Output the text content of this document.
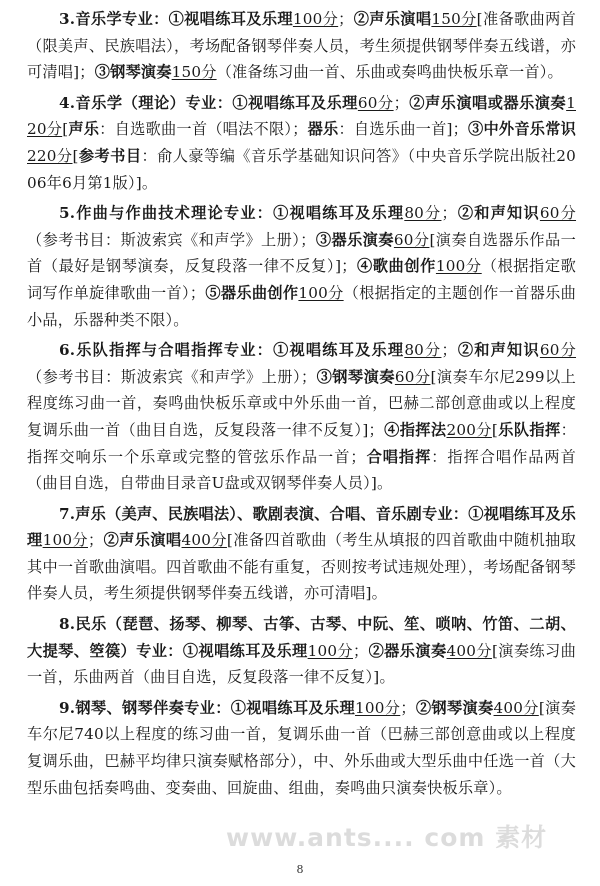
3.音乐学专业：①视唱练耳及乐理100分；②声乐演唱150分[准备歌曲两首（限美声、民族唱法），考场配备钢琴伴奏人员，考生须提供钢琴伴奏五线谱，亦可清唱]；③钢琴演奏150分（准备练习曲一首、乐曲或奏鸣曲快板乐章一首）。

4.音乐学（理论）专业：①视唱练耳及乐理60分；②声乐演唱或器乐演奏120分[声乐：自选歌曲一首（唱法不限）；器乐：自选乐曲一首]；③中外音乐常识220分[参考书目：俞人豪等编《音乐学基础知识问答》（中央音乐学院出版社2006年6月第1版）]。

5.作曲与作曲技术理论专业：①视唱练耳及乐理80分；②和声知识60分（参考书目：斯波索宾《和声学》上册）；③器乐演奏60分[演奏自选器乐作品一首（最好是钢琴演奏，反复段落一律不反复）]；④歌曲创作100分（根据指定歌词写作单旋律歌曲一首）；⑤器乐曲创作100分（根据指定的主题创作一首器乐曲小品，乐器种类不限）。

6.乐队指挥与合唱指挥专业：①视唱练耳及乐理80分；②和声知识60分（参考书目：斯波索宾《和声学》上册）；③钢琴演奏60分[演奏车尔尼299以上程度练习曲一首，奏鸣曲快板乐章或中外乐曲一首，巴赫二部创意曲或以上程度复调乐曲一首（曲目自选，反复段落一律不反复）]；④指挥法200分[乐队指挥：指挥交响乐一个乐章或完整的管弦乐作品一首；合唱指挥：指挥合唱作品两首（曲目自选，自带曲目录音U盘或双钢琴伴奏人员）]。

7.声乐（美声、民族唱法）、歌剧表演、合唱、音乐剧专业：①视唱练耳及乐理100分；②声乐演唱400分[准备四首歌曲（考生从填报的四首歌曲中随机抽取其中一首歌曲演唱。四首歌曲不能有重复，否则按考试违规处理），考场配备钢琴伴奏人员，考生须提供钢琴伴奏五线谱，亦可清唱]。

8.民乐（琵琶、扬琴、柳琴、古筝、古琴、中阮、笙、唢呐、竹笛、二胡、大提琴、箜篌）专业：①视唱练耳及乐理100分；②器乐演奏400分[演奏练习曲一首，乐曲两首（曲目自选，反复段落一律不反复）]。

9.钢琴、钢琴伴奏专业：①视唱练耳及乐理100分；②钢琴演奏400分[演奏车尔尼740以上程度的练习曲一首，复调乐曲一首（巴赫三部创意曲或以上程度复调乐曲，巴赫平均律只演奏赋格部分），中、外乐曲或大型乐曲中任选一首（大型乐曲包括奏鸣曲、变奏曲、回旋曲、组曲，奏鸣曲只演奏快板乐章）。

www.ants.... com 素材
8
